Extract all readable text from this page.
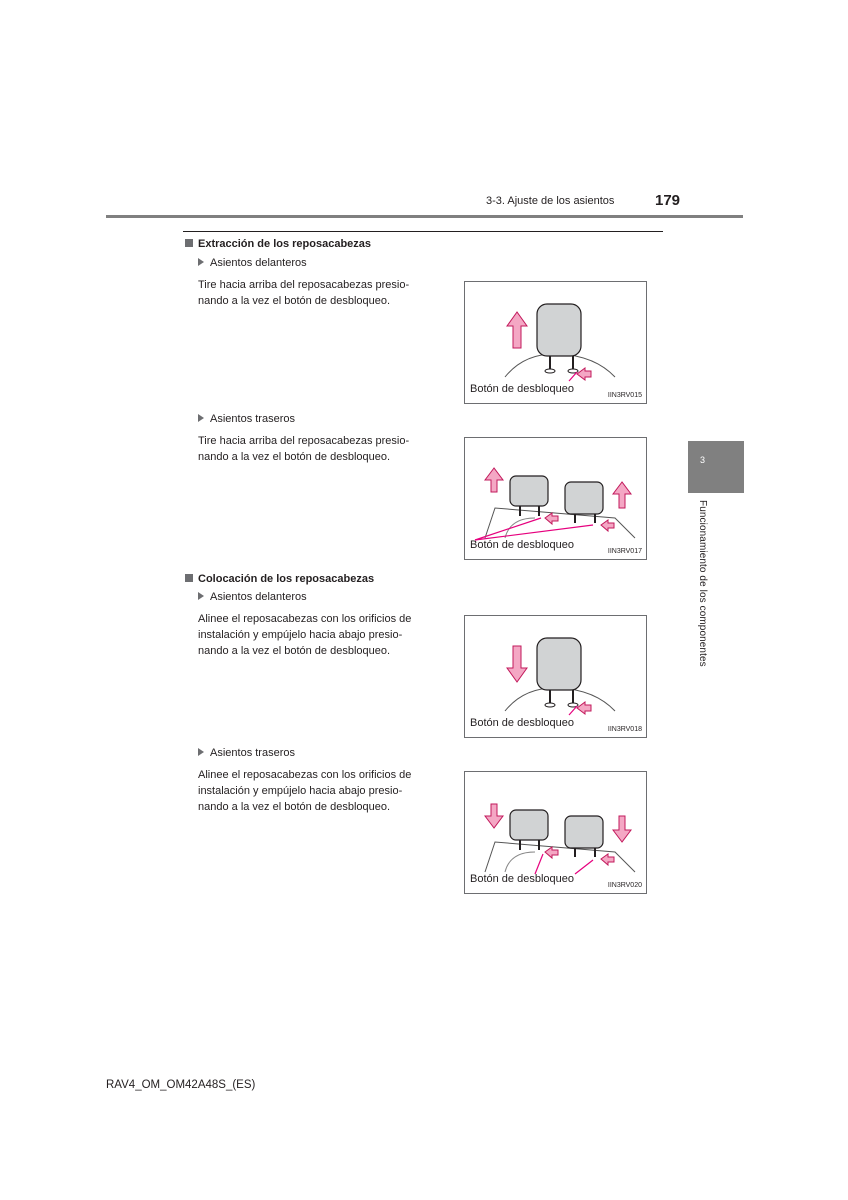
3-3. Ajuste de los asientos	179
Extracción de los reposacabezas
Asientos delanteros
Tire hacia arriba del reposacabezas presio-
nando a la vez el botón de desbloqueo.
Botón de desbloqueo
IIN3RV015
Asientos traseros
Tire hacia arriba del reposacabezas presio-
nando a la vez el botón de desbloqueo.
Botón de desbloqueo
IIN3RV017
Colocación de los reposacabezas
Asientos delanteros
Alinee el reposacabezas con los orificios de
instalación y empújelo hacia abajo presio-
nando a la vez el botón de desbloqueo.
Botón de desbloqueo
IIN3RV018
Asientos traseros
Alinee el reposacabezas con los orificios de
instalación y empújelo hacia abajo presio-
nando a la vez el botón de desbloqueo.
Botón de desbloqueo
IIN3RV020
3
Funcionamiento de los componentes
RAV4_OM_OM42A48S_(ES)
